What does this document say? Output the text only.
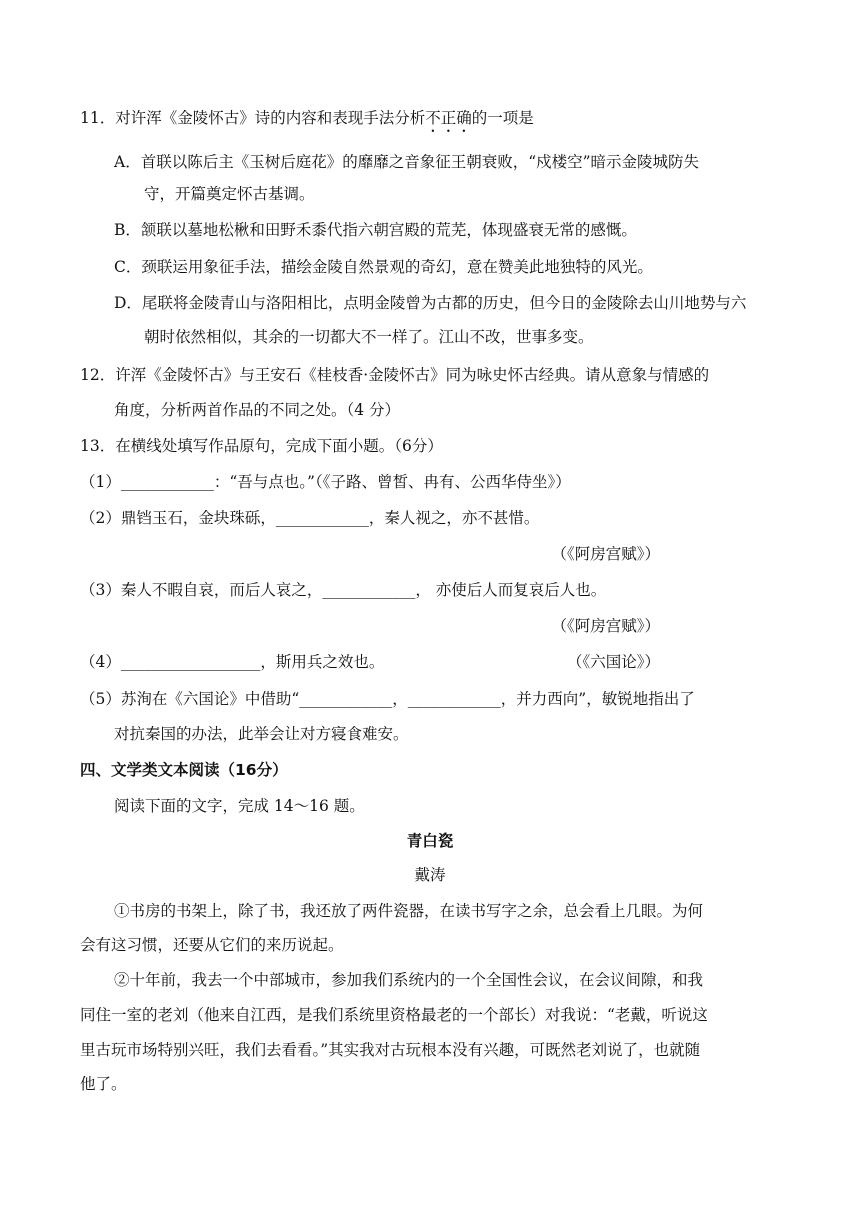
11．对许浑《金陵怀古》诗的内容和表现手法分析不正确的一项是
A．首联以陈后主《玉树后庭花》的靡靡之音象征王朝衰败，“戍楼空”暗示金陵城防失
守，开篇奠定怀古基调。
B．颔联以墓地松楸和田野禾黍代指六朝宫殿的荒芜，体现盛衰无常的感慨。
C．颈联运用象征手法，描绘金陵自然景观的奇幻，意在赞美此地独特的风光。
D．尾联将金陵青山与洛阳相比，点明金陵曾为古都的历史，但今日的金陵除去山川地势与六
朝时依然相似，其余的一切都大不一样了。江山不改，世事多变。
12．许浑《金陵怀古》与王安石《桂枝香·金陵怀古》同为咏史怀古经典。请从意象与情感的
角度，分析两首作品的不同之处。（4 分）
13．在横线处填写作品原句，完成下面小题。（6分）
（1）____________：“吾与点也。”（《子路、曾皙、冉有、公西华侍坐》）
（2）鼎铛玉石，金块珠砾，____________，秦人视之，亦不甚惜。
（《阿房宫赋》）
（3）秦人不暇自哀，而后人哀之，____________， 亦使后人而复哀后人也。
（《阿房宫赋》）
（4）__________________，斯用兵之效也。	（《六国论》）
（5）苏洵在《六国论》中借助“____________，____________，并力西向”，敏锐地指出了
对抗秦国的办法，此举会让对方寝食难安。
四、文学类文本阅读（16分）
阅读下面的文字，完成 14～16 题。
青白瓷
戴涛
①书房的书架上，除了书，我还放了两件瓷器，在读书写字之余，总会看上几眼。为何
会有这习惯，还要从它们的来历说起。
②十年前，我去一个中部城市，参加我们系统内的一个全国性会议，在会议间隙，和我
同住一室的老刘（他来自江西，是我们系统里资格最老的一个部长）对我说：“老戴，听说这
里古玩市场特别兴旺，我们去看看。”其实我对古玩根本没有兴趣，可既然老刘说了，也就随
他了。
